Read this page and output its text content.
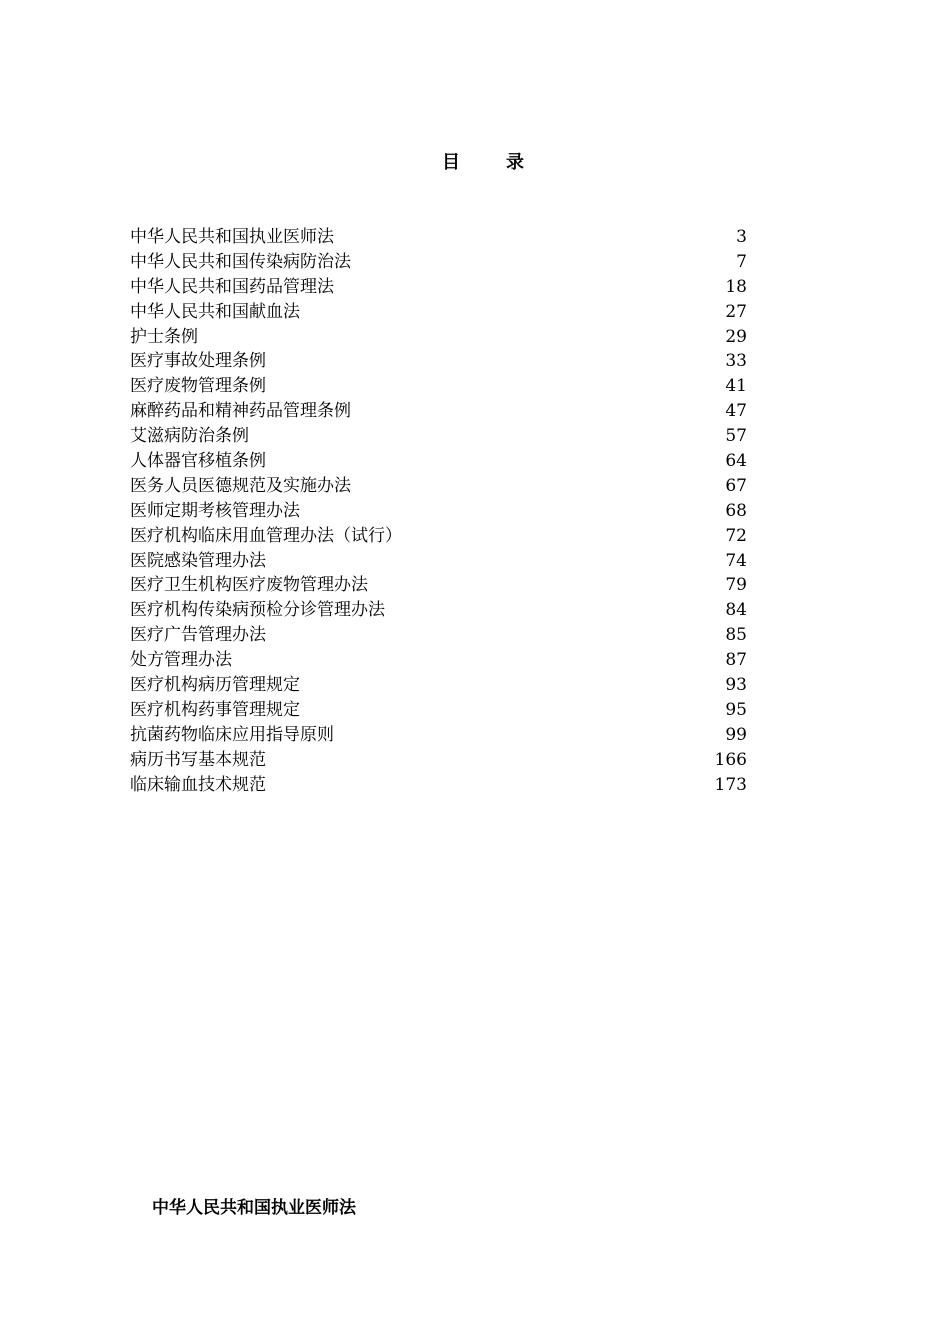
目录
中华人民共和国执业医师法	3
中华人民共和国传染病防治法	7
中华人民共和国药品管理法	18
中华人民共和国献血法	27
护士条例	29
医疗事故处理条例	33
医疗废物管理条例	41
麻醉药品和精神药品管理条例	47
艾滋病防治条例	57
人体器官移植条例	64
医务人员医德规范及实施办法	67
医师定期考核管理办法	68
医疗机构临床用血管理办法（试行）	72
医院感染管理办法	74
医疗卫生机构医疗废物管理办法	79
医疗机构传染病预检分诊管理办法	84
医疗广告管理办法	85
处方管理办法	87
医疗机构病历管理规定	93
医疗机构药事管理规定	95
抗菌药物临床应用指导原则	99
病历书写基本规范	166
临床输血技术规范	173
中华人民共和国执业医师法
